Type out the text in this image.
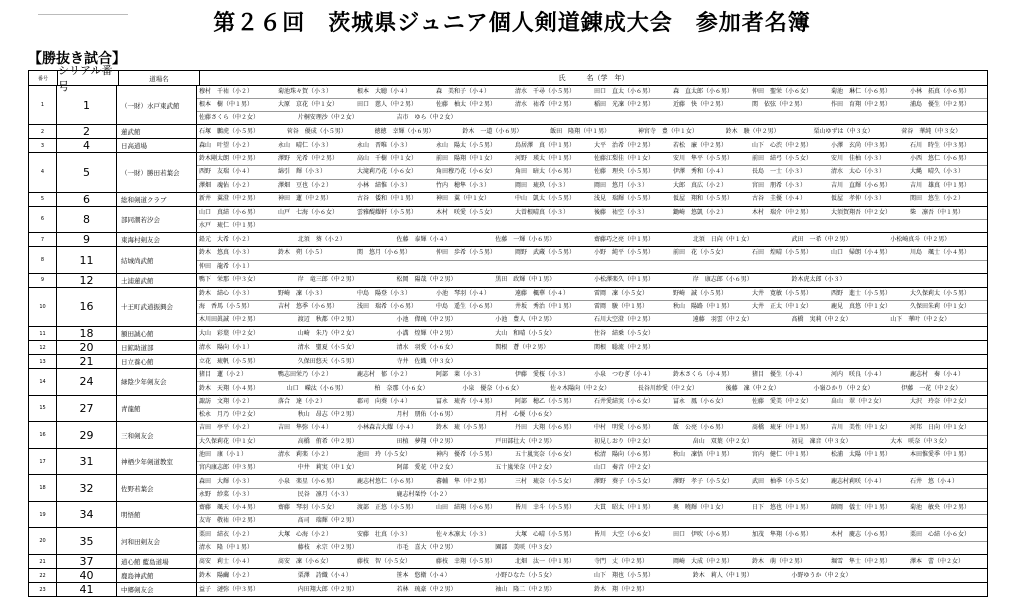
第２６回　茨城県ジュニア個人剣道錬成大会　参加者名簿
【勝抜き試合】
番号
シリアル番号
道場名	氏　　　名（学　年）
1	1	（一財）水戸東武館
穆村　千祐（小２）	菊池珠々賀（小３）	根本　大聴（小４）	森　美和子（小４）	清水　千尋（小５男）	田口　直太（小６男）	森　直太郎（小６男）	仲田　聖栄（小６女）	菊池　琳仁（小６男）	小林　拓真（小６男）
根本　樹（中１男）	大原　京花（中１女）	田口　慈人（中２男）	佐藤　柚太（中２男）	清水　祐希（中２男）	稲田　光凜（中２男）	近藤　快（中２男）	関　依弦（中２男）	作田　育翔（中２男）	浦島　優生（中２男）
佐藤さくら（中２女）	片桐安理沙（中２女）	吉市　ゆら（中２女）
2	2	蓮武館	石塚　鵬虎（小５男）	菅谷　優成（小５男）	徳徳　幸輝（小６男）	鈴木　一道（小６男）	飯田　隆翔（中１男）	神宮寺　豊（中１女）	鈴木　駿（中２男）	栗山ゆずは（中３女）	菅谷　華純（中３女）
3	4	日高道場	森山　叶望（小２）	永山　晴仁（小３）	永山　晋唯（小３）	永山　陽太（小５男）	烏居澤　真（中１男）	大平　治希（中２男）	若松　廉（中２男）	山下　心渋（中２男）	小澤　玄尚（中３男）	石川　時生（中３男）
4	5	（一財）勝田若葉会
鈴木剛太朗（中２男）	澤野　光希（中２男）	高山　千樹（中１女）	前田　陽翔（中１女）	河野　瑛太（中１男）	佐藤江梨佳（中１女）	安川　隼平（小５男）	前田　結弓（小５女）	安川　佳柚（小３）	小西　悠仁（小６男）
西野　友瑞（小４）	綿引　輝（小３）	大滝莉乃花（小６女）	角田穆乃花（小６女）	角田　暗太（小６男）	佐藤　理央（小５男）	伊澤　秀和（小４）	長島　一士（小３）	清水　太心（小３）	大縄　晴久（小３）
澤畑　魂佑（小２）	澤畑　豆也（小２）	小林　結惟（小３）	竹内　穂隼（小３）	岡田　琉玖（小３）	岡田　悠月（小３）	大郎　真広（小２）	宮田　朋希（小３）	吉川　直輝（小６男）	吉川　雄真（中１男）
5	6	総和剣道クラブ	新井　翼澄（中２男）	神田　蓮（中２男）	古谷　倭和（中１男）	神田　翼（中１女）	中山　凱太（小５男）	浅見　瑞輝（小５男）	仮屋　翔和（小５男）	古谷　圭優（小４）	仮屋　孝仲（小３）	関田　悠生（小２）
6	8	部同潮若汐会
山口　真結（小６男）	山戸　七海（小６女）	雲雅醍耀軒（小５男）	木村　咲愛（小５女）	大曽根晴真（小３）	後藤　祐空（小３）	鋤崎　悠凱（小２）	木村　瑞介（中２男）	大須賀翔吾（中２女）	柴　凛吾（中１男）
水戸　琉仁（中１男）
7	9	東海村剣友会	鉛元　大希（小２）	北須　葵（小２）	佐藤　泰輝（小４）	佐藤　一輝（小６男）	齋藤巧之亮（中１男）	北須　日向（中１女）	武田　一希（中２男）	小松崎真斗（中２男）
8	11	結城尚武館
鈴木　悠真（小３）	鈴木　朔（小５）	関　悠月（小６男）	仲田　歩希（小５男）	岡野　武蔵（小５男）	小野　純平（小５男）	前田　花（小５女）	石田　煌晴（小５男）	山口　帰朗（小４男）	川島　颯士（小４男）
仲田　龍希（小１）
9	12	土浦蓮武館	鴨下　栄那（中３女）	岸　竜三郎（中２男）	松岡　陽哉（中２男）	黒田　政輝（中１男）	小松澤楽久（中１男）	岸　康志郎（小６男）	鈴木虎太郎（小３）
10	16	十王町武道振興会
鈴木　結心（小３）	野崎　凜（小３）	中島　陽登（小３）	小池　琴羽（小４）	遠藤　楓華（小４）	雷岡　凜（小５女）	野崎　誠（小５男）	大井　寛敏（小５男）	西野　進士（小５男）	大久保莉太（小５男）
海　香馬（小５男）	吉村　悠季（小６男）	浅田　瑞希（小６男）	中島　遥生（小６男）	井坂　秀治（中１男）	雷岡　駿（中１男）	秋山　陽路（中１男）	大井　正太（中１女）	鹿見　真悠（中１女）	久保田朱莉（中１女）
木川田眞誠（中２男）	渡辺　秋都（中２男）	小池　偉琉（中２男）	小池　豊人（中２男）	石川大空澄（中２男）	遠藤　羽雲（中２女）	髙橋　実莉（中２女）	山下　華叶（中２女）
11	18	額田誠心館	大山　彩葉（中２女）	山崎　朱乃（中２女）	小溝　煌輝（中２男）	大山　和晴（小５女）	住谷　結乗（小５女）
12	20	日鉱助道部	清水　陽向（小１）	清水　聖夏（小５女）	清水　羽愛（小６女）	関根　蒼（中２男）	関根　聡流（中２男）
13	21	日立養心館	立花　琉帆（小５男）	久保田悠天（小５男）	寺井　佐織（中３女）
14	24	緑陰少年剣友会
猪目　蓮（小２）	鴨志田栄乃（小２）	鹿志村　郁（小２）	阿部　莱（小３）	伊藤　愛桜（小３）	小泉　つむぎ（小４）	鈴木さくら（小４男）	猪目　優生（小４）	河内　咲良（小４）	鹿志村　奏（小４）
鈴木　天翔（小４男）	山口　嶸汰（小６男）	柏　奈那（小６女）	小泉　優奈（小６女）	佐々木陽向（中２女）	長谷川紗愛（中２女）	後藤　凜（中２女）	小嶺ひかり（中２女）	伊藤　一花（中２女）
15	27	青龍館
諏訪　文翔（小２）	落合　達（小２）	郡司　向葵（小４）	冨永　琉杏（小４男）	阿部　穂乙（小５男）	石井愛結実（小６女）	冨永　鳳（小６女）	佐藤　愛美（中２女）	畠山　翠（中２女）	大沢　玲奈（中２女）
松永　月乃（中２女）	秋山　昂志（中２男）	月村　朋佑（小６男）	月村　心優（小６女）
16	29	三和剣友会
吉田　亭平（小２）	吉田　隼弥（小４）	小林森吉大耀（小４）	鈴木　琉（小５男）	丹田　大翔（小６男）	中村　明愛（小６男）	飯　公亮（小６男）	髙橋　琉牙（中１男）	吉川　美性（中１女）	河邦　日向（中１女）
大久保莉花（中１女）	高橋　侑希（中２男）	田植　夢翔（中２男）	戸田部壮大（中２男）	初見しおり（中２女）	畠山　双葉（中２女）	初見　凜音（中３女）	大木　咲奈（中３女）
17	31	神栖少年剣道教室
池田　康（小１）	清水　莉楽（小２）	池田　玲（小５女）	神内　優希（小５男）	五十嵐実奈（小６女）	松清　陽向（小６男）	秋山　凜悟（中１男）	宮内　健仁（中１男）	松浦　太陽（中１男）	本田惟愛季（中１男）
宮内康志郎（中３男）	中井　莉実（中１女）	阿部　愛花（中２女）	五十嵐栄奈（中２女）	山口　奏音（中２女）
18	32	佐野若葉会
森田　大輝（小３）	小泉　楽星（小６男）	鹿志村悠仁（小６男）	蕃輔　隼（中２男）	三村　琉奈（小５女）	澤野　葵子（小５女）	澤野　孝子（小５女）	武田　柚季（小５女）	鹿志村莉咲（小４）	石井　悠（小４）
永野　紗菜（小３）	民谷　凛月（小３）	鹿志村栞怜（小２）
19	34	明悟館
齋藤　颯天（小４男）	齋藤　琴羽（小５女）	渡部　正悠（小５男）	山田　結翔（小６男）	皆川　幸斗（小５男）	大貫　昭太（中１男）	奥　曉輝（中１女）	日下　悠也（中１男）	師岡　儀士（中１男）	菊池　敏央（中２男）
友寄　敬祐（中２男）	髙司　瑞輝（中２男）
20	35	河和田剣友会
栗田　結衣（小２）	大塚　心海（小２）	安藤　壮真（小３）	佐々木凛太（小３）	大塚　心晴（小５男）	皆川　大空（小６女）	田口　伊吹（小６男）	加茂　隼翔（小６男）	木村　慶志（小６男）	栗田　心結（小６女）
清水　隆（中１男）	藤枝　永宗（中２男）	市毛　喜大（中２男）	園部　美咲（中３女）
21	37	道心館 藍島道場	髙安　莉士（小４）	髙安　凜（小６女）	藤枝　智（小５女）	藤枝　幸翔（小５男）	北畑　汰一（中１男）	寺門　丈（中２男）	岡崎　大成（中２男）	鈴木　萌（中２男）	堀雪　隼士（中２男）	澤本　蕾（中２女）
22	40	鹿島神武館	鈴木　陽繭（小２）	栗澤　詩織（小４）	笹本　悠衛（小４）	小野ひなた（小５女）	山下　翔也（小５男）	鈴木　莉人（中１男）	小野ゆうか（中２女）
23	41	中郷剣友会	益子　漣弥（中３男）	内田翔大郎（中２男）	若林　琉豪（中２男）	袖山　隆二（中２男）	鈴木　翔（中２男）
